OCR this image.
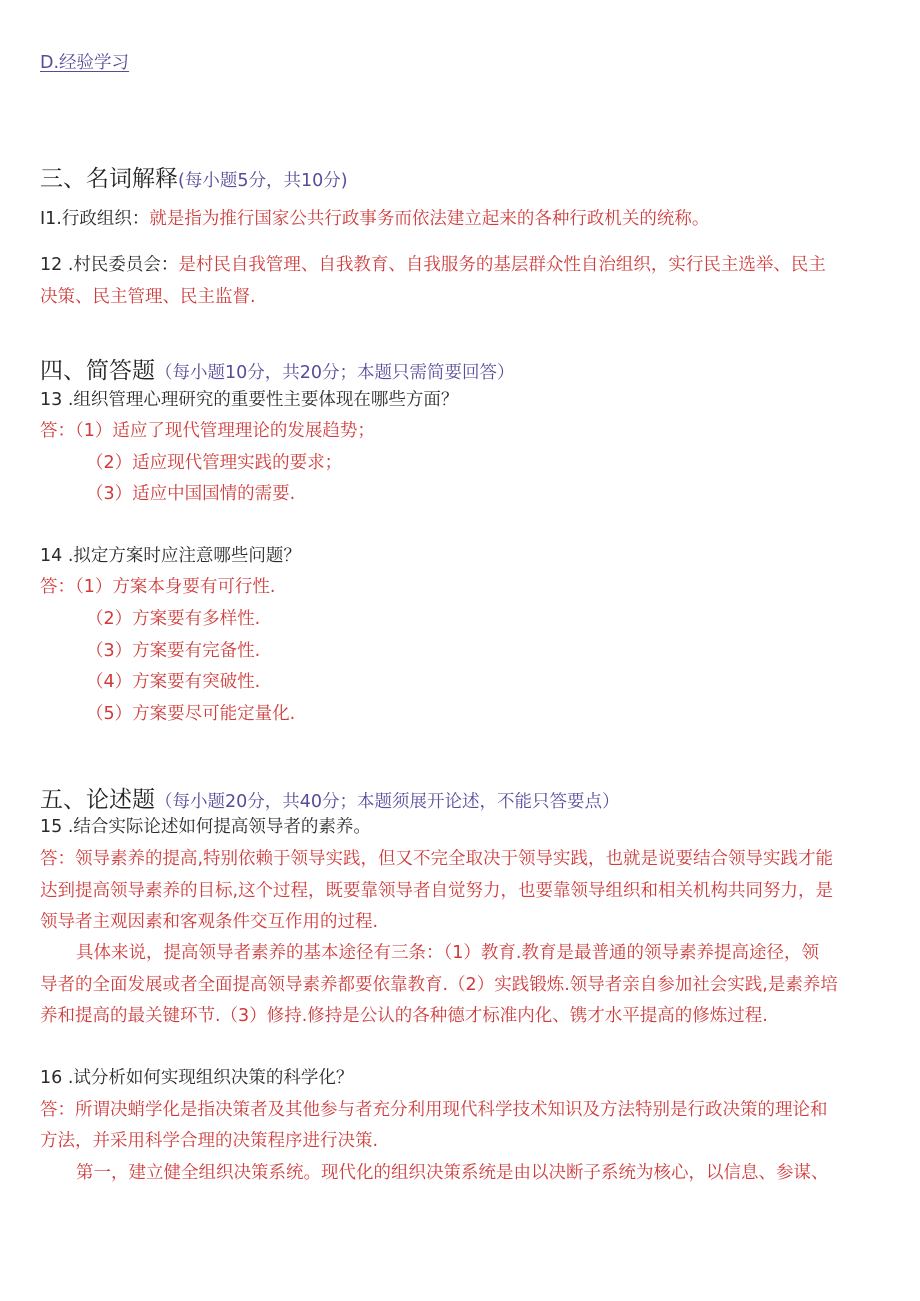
D.经验学习
三、名词解释(每小题5分，共10分)
I1.行政组织：就是指为推行国家公共行政事务而依法建立起来的各种行政机关的统称。
12 .村民委员会：是村民自我管理、自我教育、自我服务的基层群众性自治组织，实行民主选举、民主
决策、民主管理、民主监督.
四、简答题（每小题10分，共20分；本题只需简要回答）
13 .组织管理心理研究的重要性主要体现在哪些方面？
答：（1）适应了现代管理理论的发展趋势；
（2）适应现代管理实践的要求；
（3）适应中国国情的需要.
14 .拟定方案时应注意哪些问题？
答：（1）方案本身要有可行性.
（2）方案要有多样性.
（3）方案要有完备性.
（4）方案要有突破性.
（5）方案要尽可能定量化.
五、论述题（每小题20分，共40分；本题须展开论述，不能只答要点）
15 .结合实际论述如何提高领导者的素养。
答：领导素养的提高,特别依赖于领导实践，但又不完全取决于领导实践，也就是说要结合领导实践才能
达到提高领导素养的目标,这个过程，既要靠领导者自觉努力，也要靠领导组织和相关机构共同努力，是
领导者主观因素和客观条件交互作用的过程.
具体来说，提高领导者素养的基本途径有三条：（1）教育.教育是最普通的领导素养提高途径，领
导者的全面发展或者全面提高领导素养都要依靠教育.（2）实践锻炼.领导者亲自参加社会实践,是素养培
养和提高的最关键环节.（3）修持.修持是公认的各种德才标准内化、镌才水平提高的修炼过程.
16 .试分析如何实现组织决策的科学化？
答：所谓决蛸学化是指决策者及其他参与者充分利用现代科学技术知识及方法特别是行政决策的理论和
方法，并采用科学合理的决策程序进行决策.
第一，建立健全组织决策系统。现代化的组织决策系统是由以决断子系统为核心，以信息、参谋、
